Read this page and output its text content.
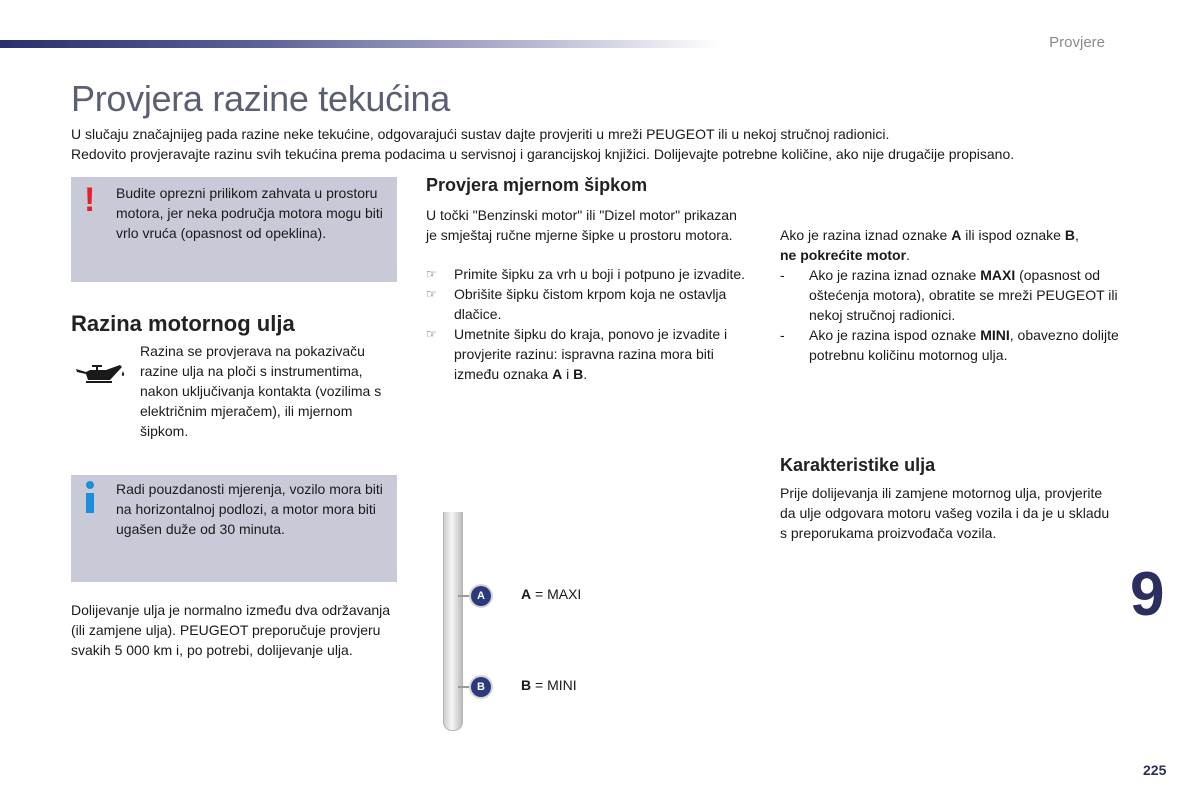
Provjere
Provjera razine tekućina

U slučaju značajnijeg pada razine neke tekućine, odgovarajući sustav dajte provjeriti u mreži PEUGEOT ili u nekoj stručnoj radionici.

Redovito provjeravajte razinu svih tekućina prema podacima u servisnoj i garancijskoj knjižici. Dolijevajte potrebne količine, ako nije drugačije propisano.

! Budite oprezni prilikom zahvata u prostoru motora, jer neka područja motora mogu biti vrlo vruća (opasnost od opeklina).

Razina motornog ulja

Razina se provjerava na pokazivaču razine ulja na ploči s instrumentima, nakon uključivanja kontakta (vozilima s električnim mjeračem), ili mjernom šipkom.

Radi pouzdanosti mjerenja, vozilo mora biti na horizontalnoj podlozi, a motor mora biti ugašen duže od 30 minuta.

Dolijevanje ulja je normalno između dva održavanja (ili zamjene ulja). PEUGEOT preporučuje provjeru svakih 5 000 km i, po potrebi, dolijevanje ulja.

Provjera mjernom šipkom

U točki "Benzinski motor" ili "Dizel motor" prikazan je smještaj ručne mjerne šipke u prostoru motora.

☞ Primite šipku za vrh u boji i potpuno je izvadite.
☞ Obrišite šipku čistom krpom koja ne ostavlja dlačice.
☞ Umetnite šipku do kraja, ponovo je izvadite i provjerite razinu: ispravna razina mora biti između oznaka A i B.

Ako je razina iznad oznake A ili ispod oznake B,
ne pokrećite motor.

- Ako je razina iznad oznake MAXI (opasnost od oštećenja motora), obratite se mreži PEUGEOT ili nekoj stručnoj radionici.
- Ako je razina ispod oznake MINI, obavezno dolijte potrebnu količinu motornog ulja.
Karakteristike ulja

Prije dolijevanja ili zamjene motornog ulja, provjerite da ulje odgovara motoru vašeg vozila i da je u skladu s preporukama proizvođača vozila.

A	A = MAXI
B	B = MINI
9
225
